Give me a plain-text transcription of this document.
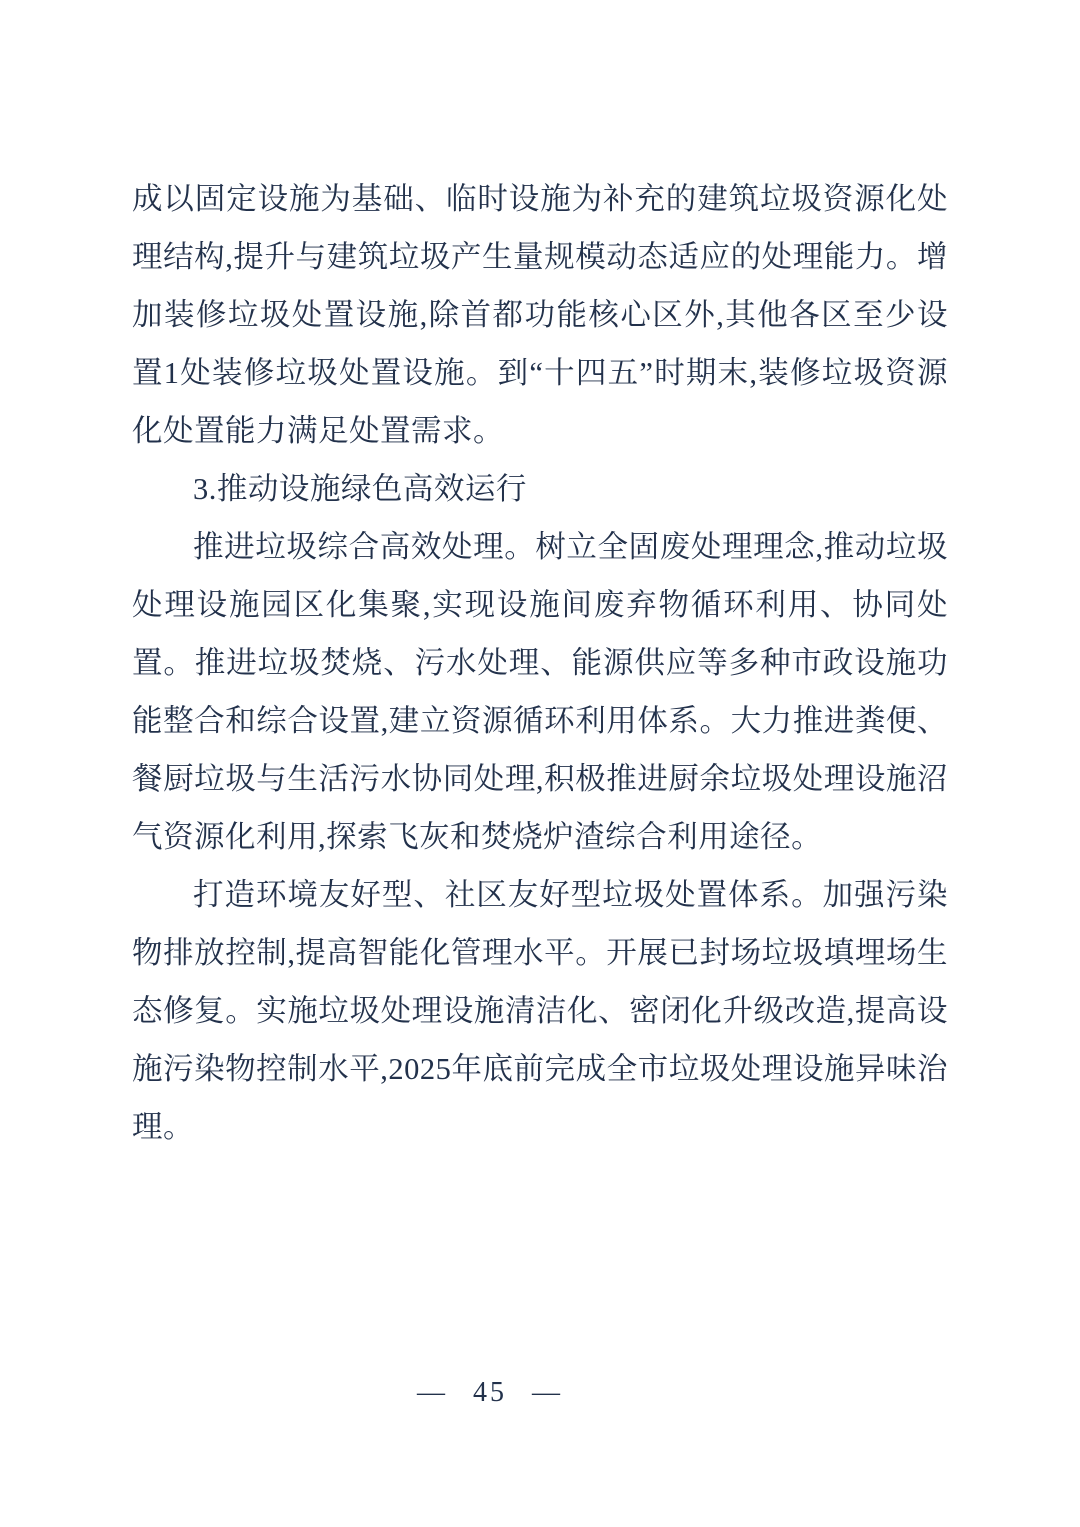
成以固定设施为基础、临时设施为补充的建筑垃圾资源化处理结构,提升与建筑垃圾产生量规模动态适应的处理能力。增加装修垃圾处置设施,除首都功能核心区外,其他各区至少设置1处装修垃圾处置设施。到“十四五”时期末,装修垃圾资源化处置能力满足处置需求。

3.推动设施绿色高效运行

推进垃圾综合高效处理。树立全固废处理理念,推动垃圾处理设施园区化集聚,实现设施间废弃物循环利用、协同处置。推进垃圾焚烧、污水处理、能源供应等多种市政设施功能整合和综合设置,建立资源循环利用体系。大力推进粪便、餐厨垃圾与生活污水协同处理,积极推进厨余垃圾处理设施沼气资源化利用,探索飞灰和焚烧炉渣综合利用途径。

打造环境友好型、社区友好型垃圾处置体系。加强污染物排放控制,提高智能化管理水平。开展已封场垃圾填埋场生态修复。实施垃圾处理设施清洁化、密闭化升级改造,提高设施污染物控制水平,2025年底前完成全市垃圾处理设施异味治理。

— 45 —
